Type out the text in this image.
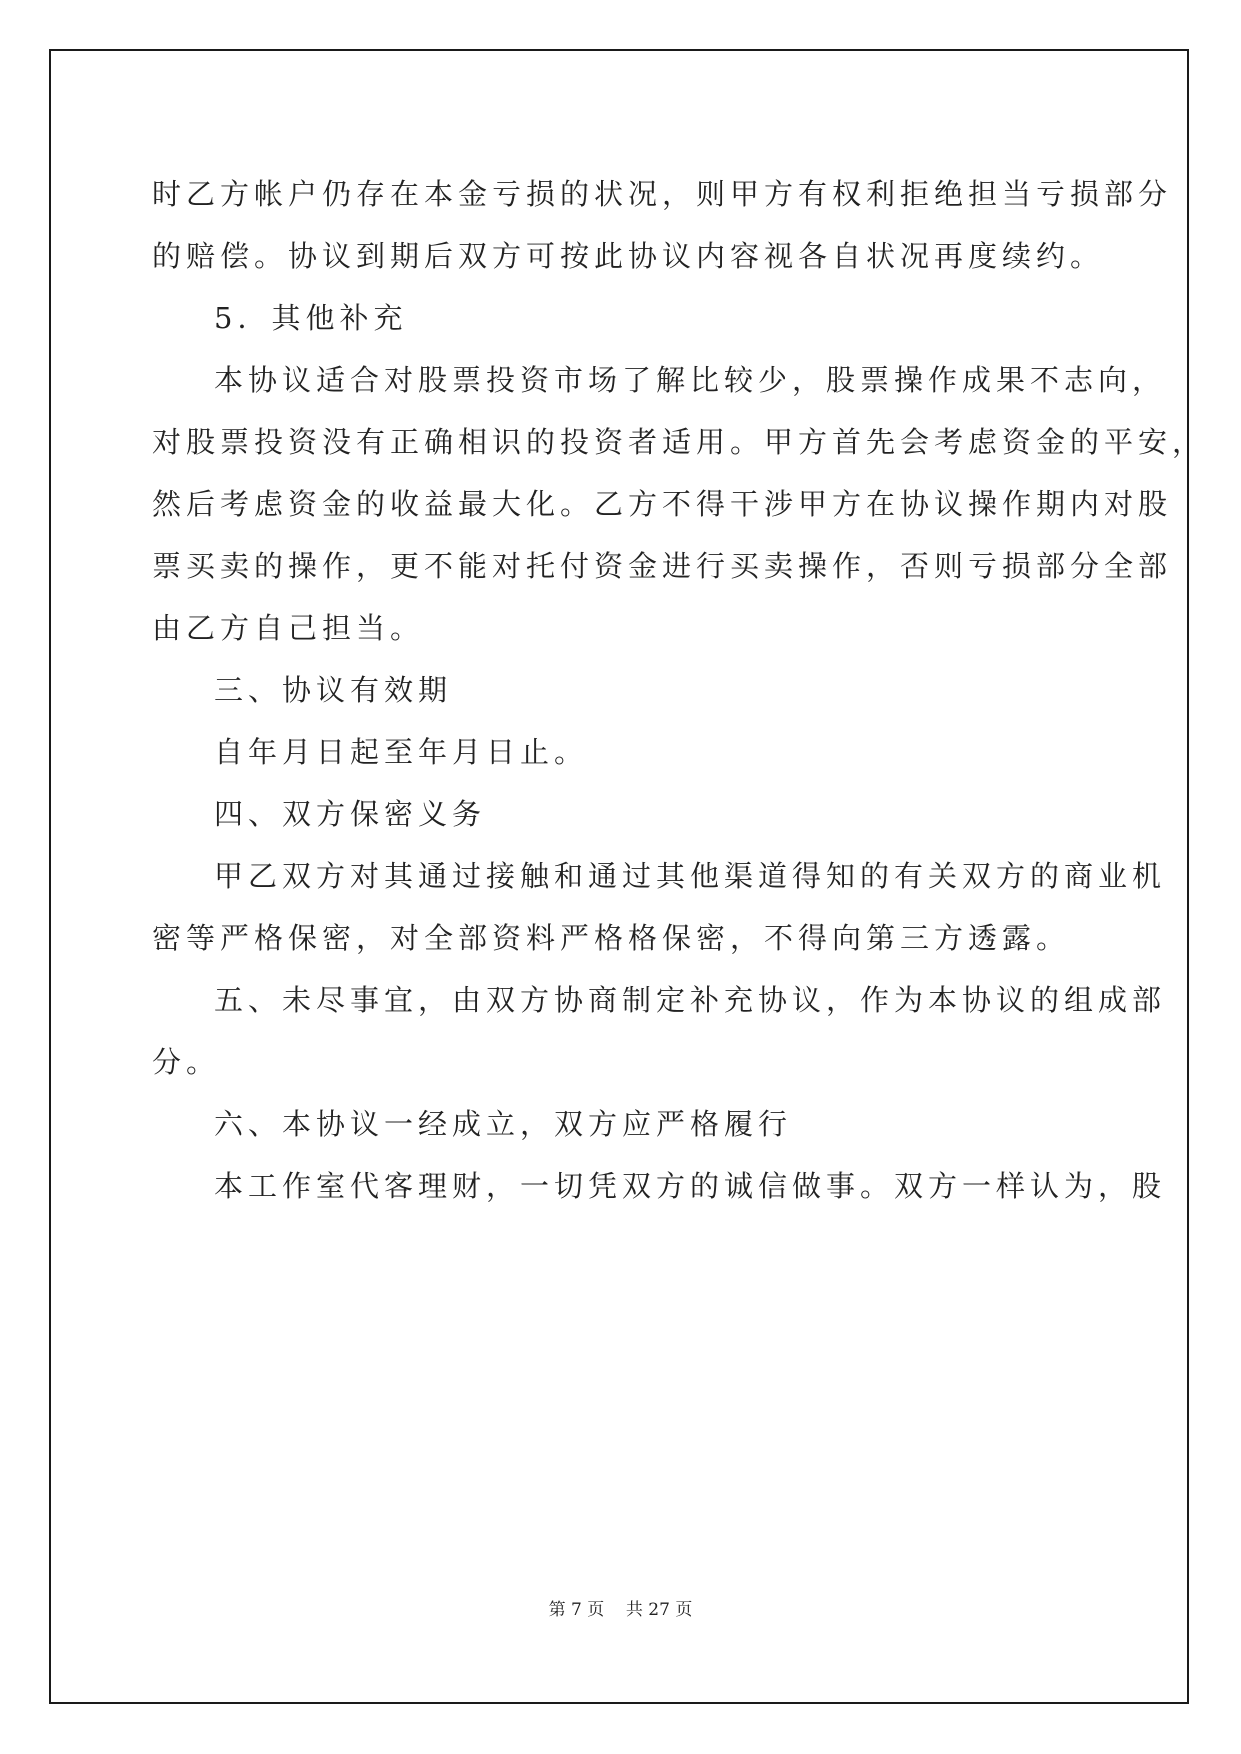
时乙方帐户仍存在本金亏损的状况，则甲方有权利拒绝担当亏损部分
的赔偿。协议到期后双方可按此协议内容视各自状况再度续约。
5．其他补充
本协议适合对股票投资市场了解比较少，股票操作成果不志向，
对股票投资没有正确相识的投资者适用。甲方首先会考虑资金的平安，
然后考虑资金的收益最大化。乙方不得干涉甲方在协议操作期内对股
票买卖的操作，更不能对托付资金进行买卖操作，否则亏损部分全部
由乙方自己担当。
三、协议有效期
自年月日起至年月日止。
四、双方保密义务
甲乙双方对其通过接触和通过其他渠道得知的有关双方的商业机
密等严格保密，对全部资料严格格保密，不得向第三方透露。
五、未尽事宜，由双方协商制定补充协议，作为本协议的组成部
分。
六、本协议一经成立，双方应严格履行
本工作室代客理财，一切凭双方的诚信做事。双方一样认为，股
第 7 页 共 27 页
